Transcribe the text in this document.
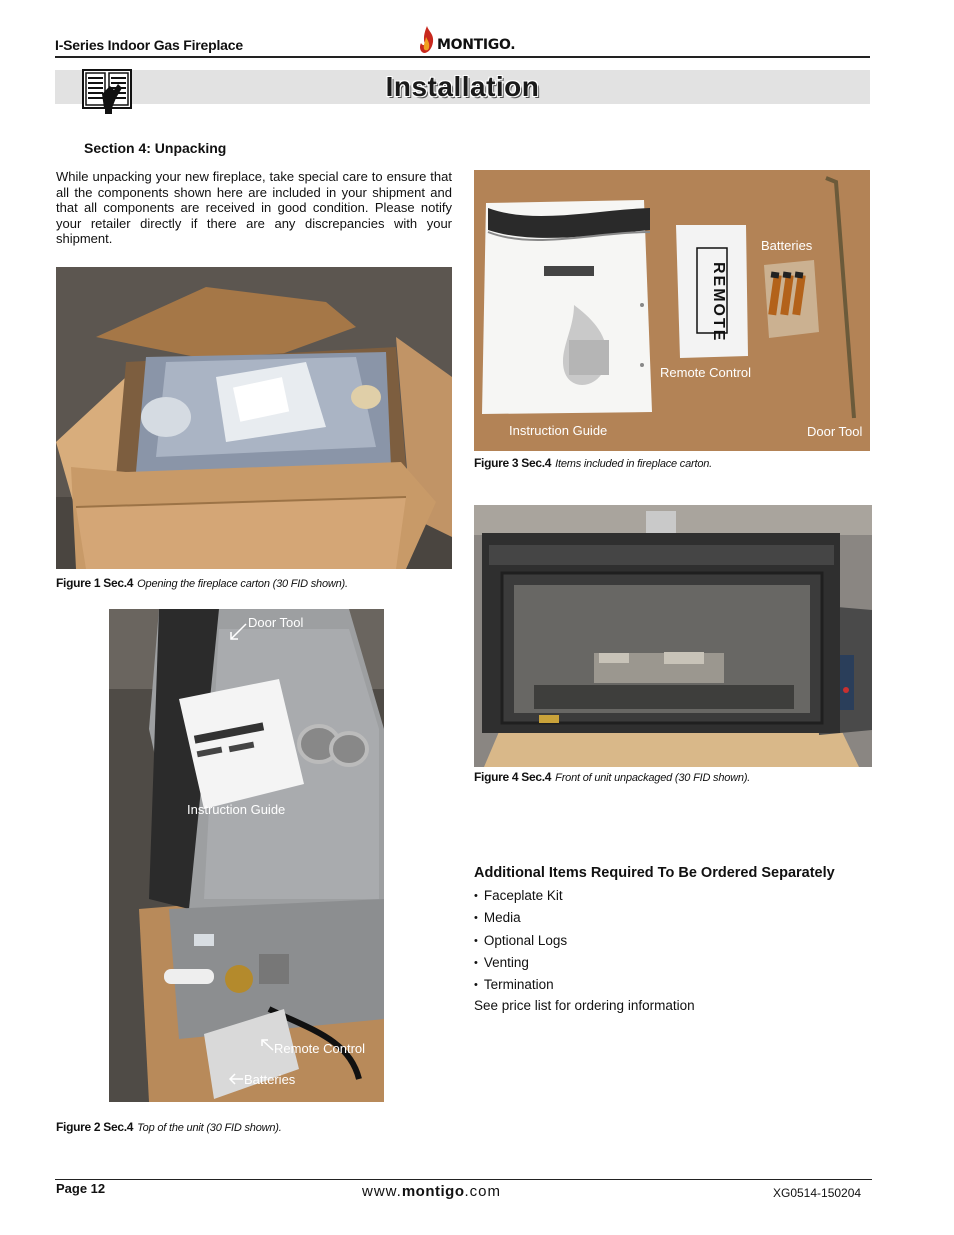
I-Series Indoor Gas Fireplace	MONTIGO.
Installation
Section 4: Unpacking
While unpacking your new fireplace, take special care to ensure that all the components shown here are included in your shipment and that all components are received in good condition. Please notify your retailer directly if there are any discrepancies with your shipment.
Figure 1 Sec.4 Opening the fireplace carton (30 FID shown).
Door Tool
Instruction Guide
Remote Control
Batteries
Figure 2 Sec.4 Top of the unit (30 FID shown).
REMOTE
Batteries
Remote Control
Instruction Guide	Door Tool
Figure 3 Sec.4 Items included in fireplace carton.
Figure 4 Sec.4 Front of unit unpackaged (30 FID shown).
Additional Items Required To Be Ordered Separately
• Faceplate Kit
• Media
• Optional Logs
• Venting
• Termination
See price list for ordering information
Page 12	www.montigo.com	XG0514-150204
